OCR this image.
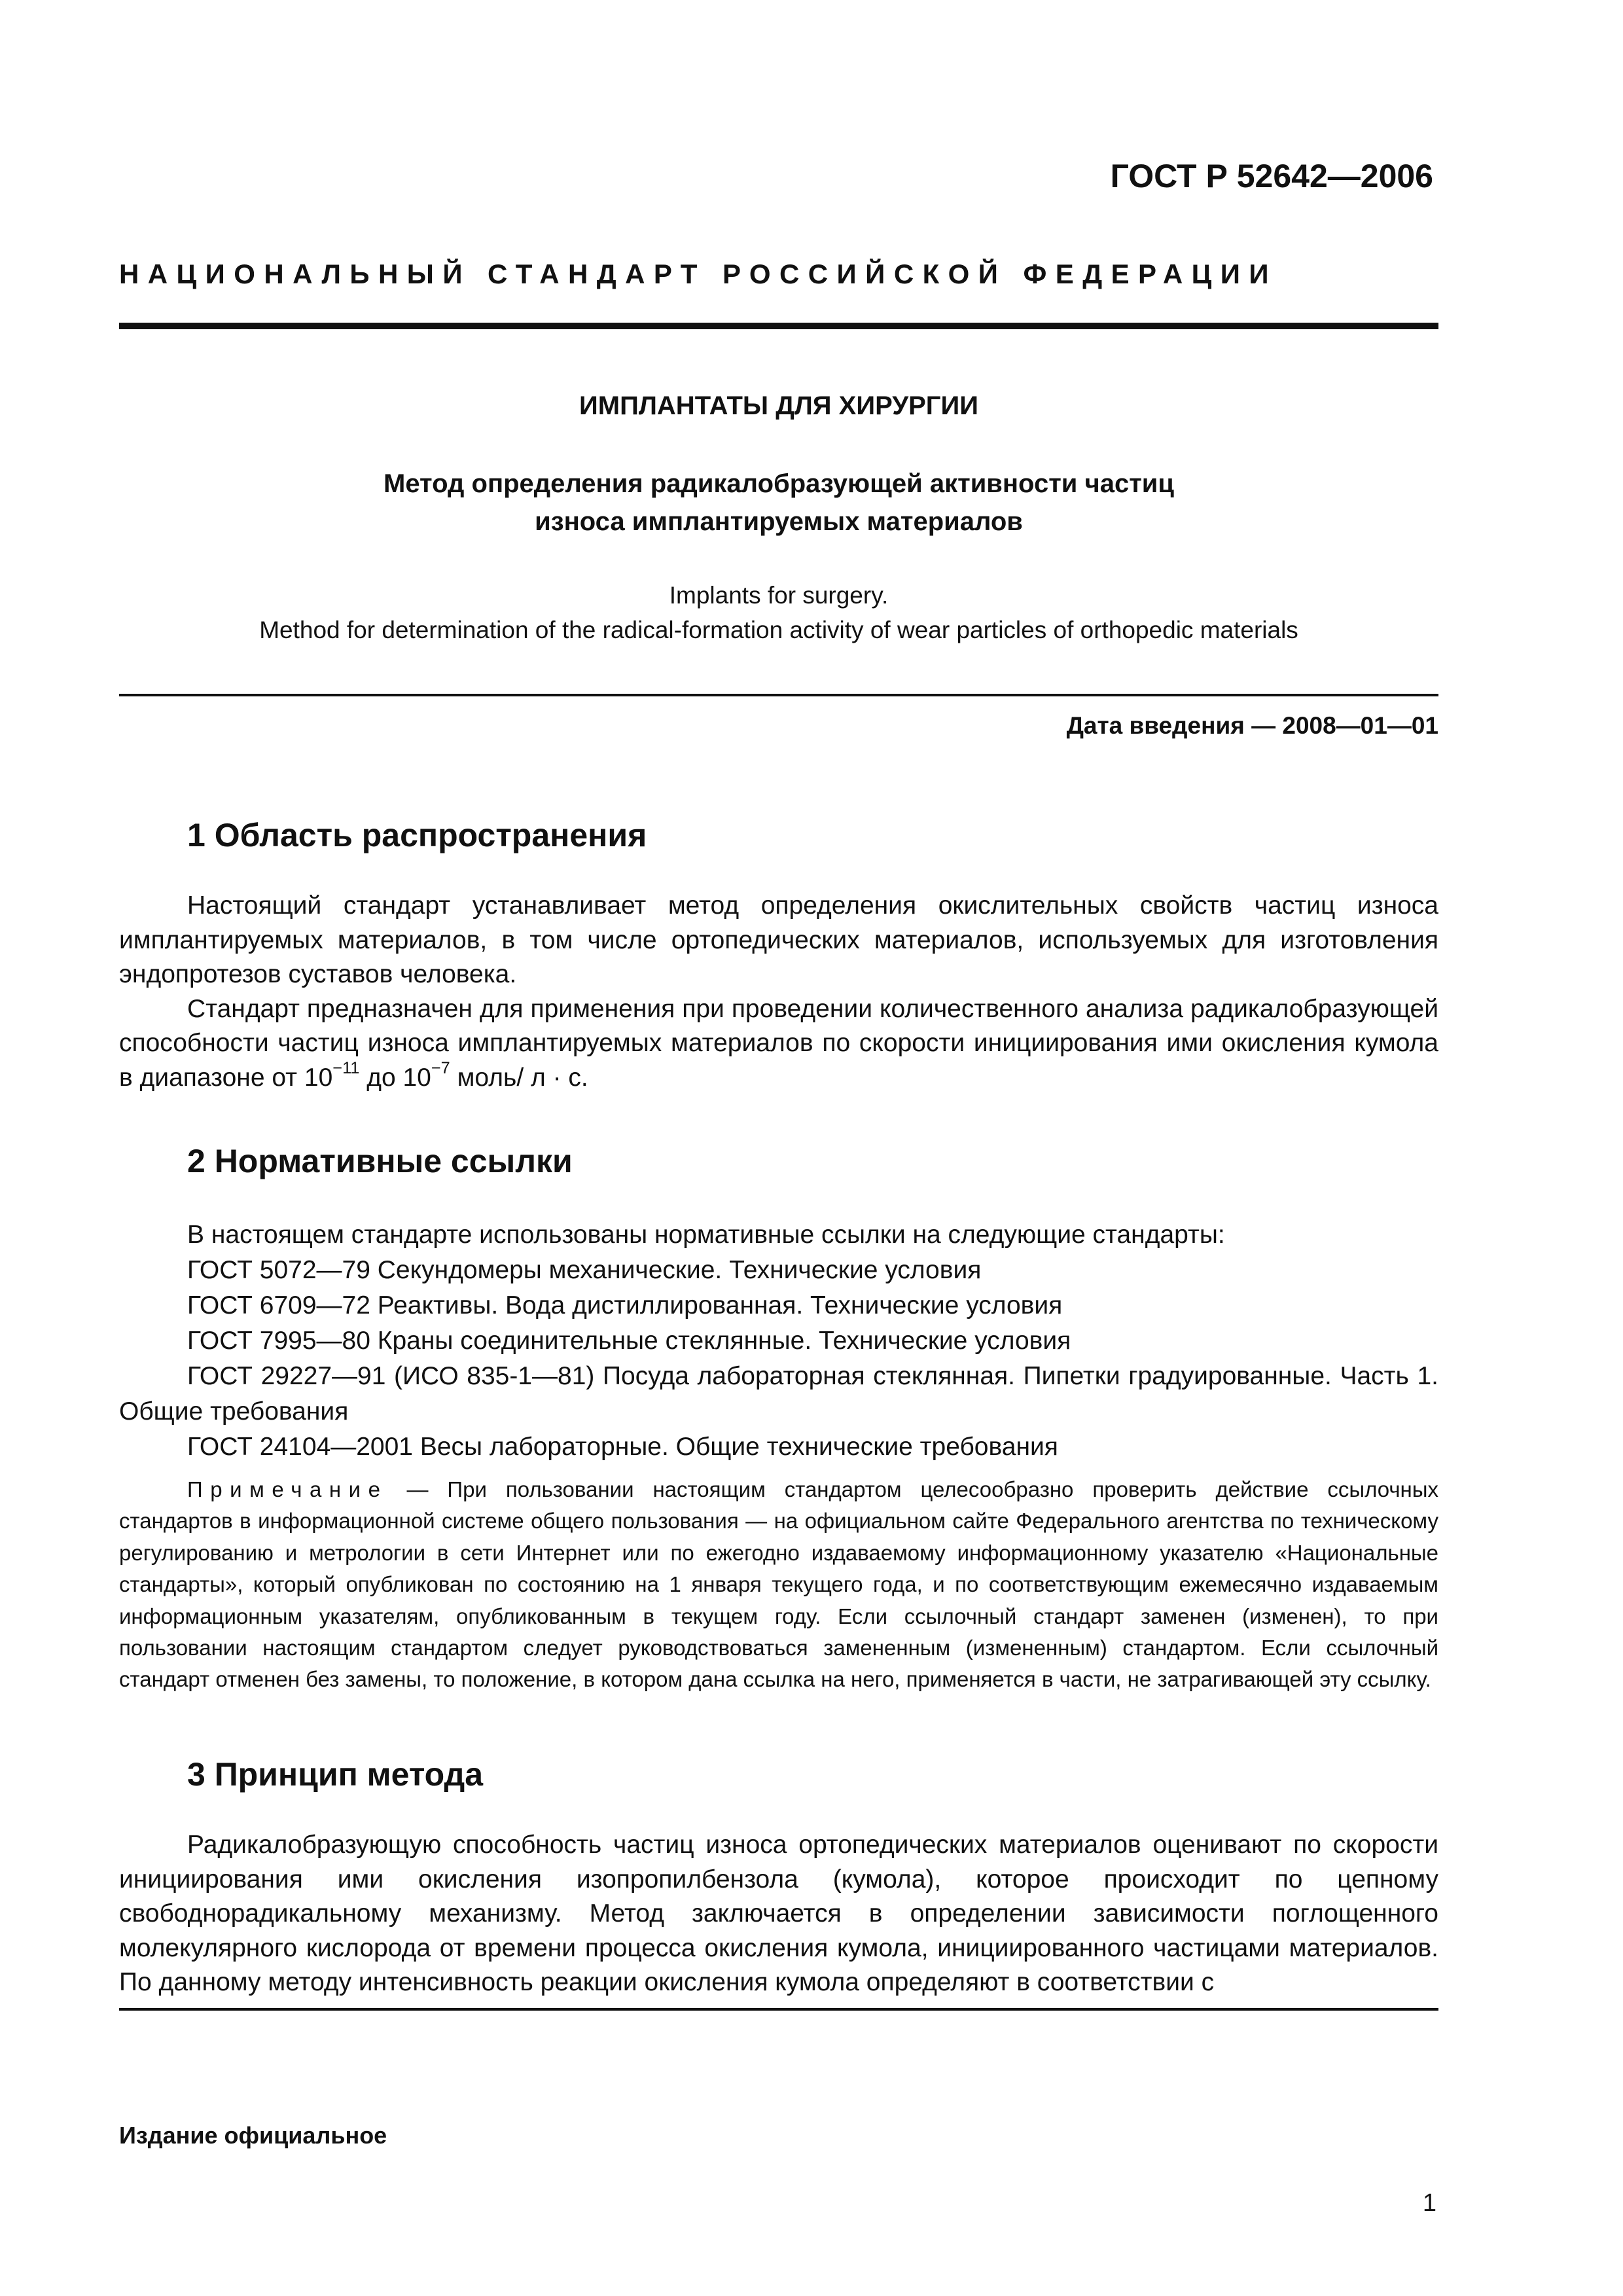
ГОСТ Р 52642—2006

НАЦИОНАЛЬНЫЙ СТАНДАРТ РОССИЙСКОЙ ФЕДЕРАЦИИ

ИМПЛАНТАТЫ ДЛЯ ХИРУРГИИ

Метод определения радикалобразующей активности частиц
износа имплантируемых материалов
Implants for surgery.
Method for determination of the radical-formation activity of wear particles of orthopedic materials

Дата введения — 2008—01—01

1 Область распространения

Настоящий стандарт устанавливает метод определения окислительных свойств частиц износа имплантируемых материалов, в том числе ортопедических материалов, используемых для изготовления эндопротезов суставов человека.

Стандарт предназначен для применения при проведении количественного анализа радикалобразующей способности частиц износа имплантируемых материалов по скорости инициирования ими окисления кумола в диапазоне от $10^{-11}$ до $10^{-7}$ моль/ л · с.

2 Нормативные ссылки

В настоящем стандарте использованы нормативные ссылки на следующие стандарты:

ГОСТ 5072—79 Секундомеры механические. Технические условия

ГОСТ 6709—72 Реактивы. Вода дистиллированная. Технические условия

ГОСТ 7995—80 Краны соединительные стеклянные. Технические условия

ГОСТ 29227—91 (ИСО 835-1—81) Посуда лабораторная стеклянная. Пипетки градуированные. Часть 1. Общие требования

ГОСТ 24104—2001 Весы лабораторные. Общие технические требования

Примечание — При пользовании настоящим стандартом целесообразно проверить действие ссылочных стандартов в информационной системе общего пользования — на официальном сайте Федерального агентства по техническому регулированию и метрологии в сети Интернет или по ежегодно издаваемому информационному указателю «Национальные стандарты», который опубликован по состоянию на 1 января текущего года, и по соответствующим ежемесячно издаваемым информационным указателям, опубликованным в текущем году. Если ссылочный стандарт заменен (изменен), то при пользовании настоящим стандартом следует руководствоваться замененным (измененным) стандартом. Если ссылочный стандарт отменен без замены, то положение, в котором дана ссылка на него, применяется в части, не затрагивающей эту ссылку.

3 Принцип метода

Радикалобразующую способность частиц износа ортопедических материалов оценивают по скорости инициирования ими окисления изопропилбензола (кумола), которое происходит по цепному свободнорадикальному механизму. Метод заключается в определении зависимости поглощенного молекулярного кислорода от времени процесса окисления кумола, инициированного частицами материалов. По данному методу интенсивность реакции окисления кумола определяют в соответствии с

Издание официальное

1
